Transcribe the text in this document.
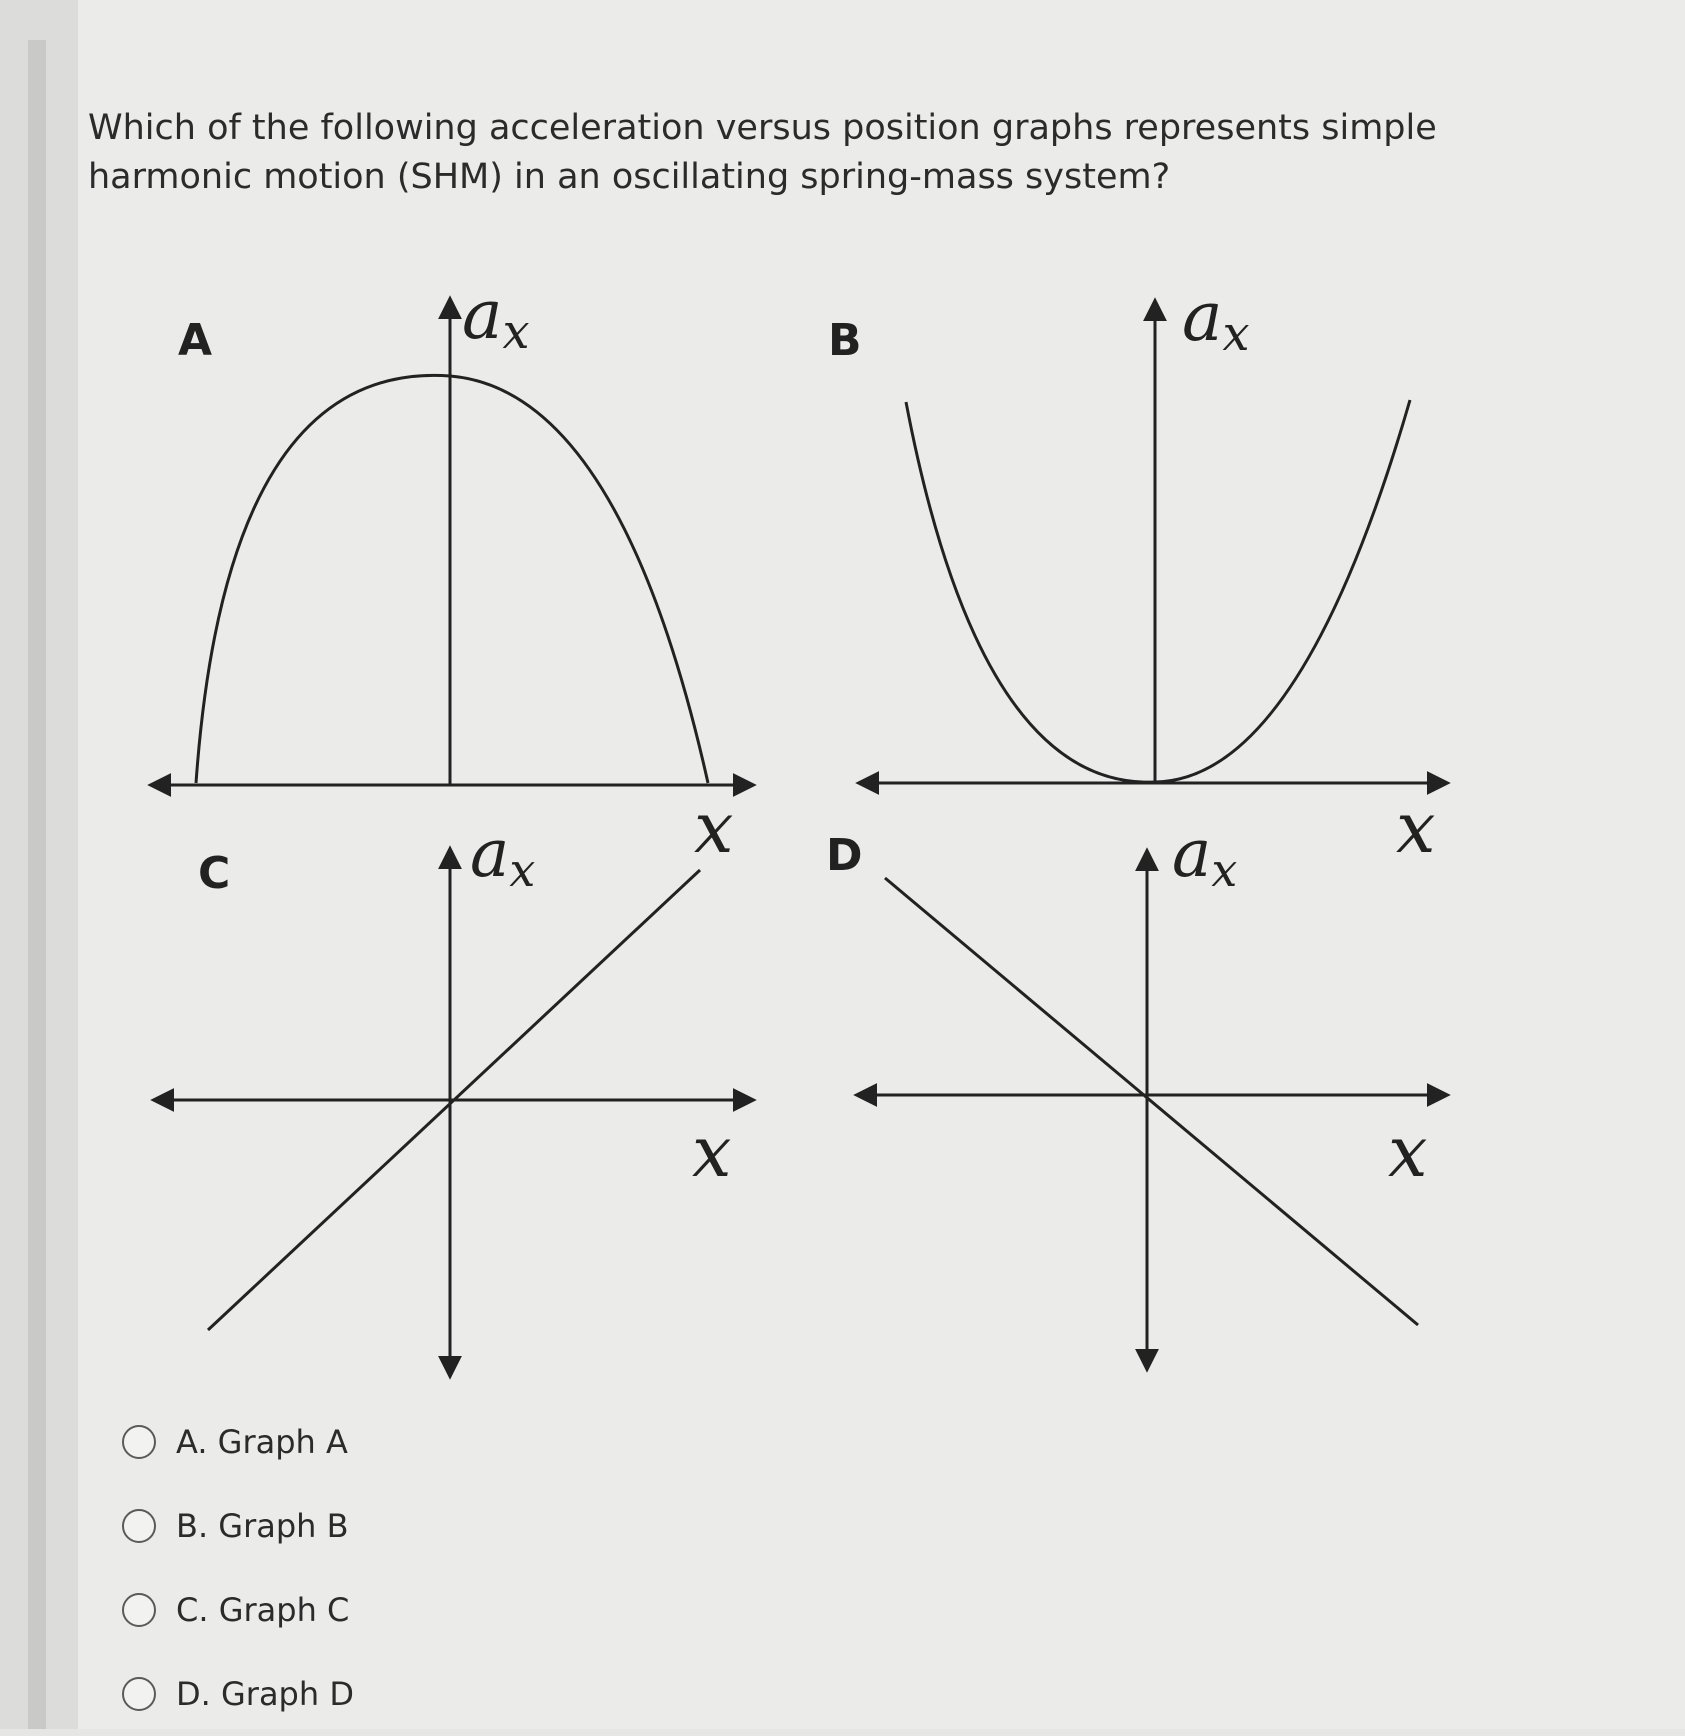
Which of the following acceleration versus position graphs represents simple harmonic motion (SHM) in an oscillating spring-mass system?

A	ax
x
B	ax
x
C	ax
x
D	ax
x
A. Graph A
B. Graph B
C. Graph C
D. Graph D
